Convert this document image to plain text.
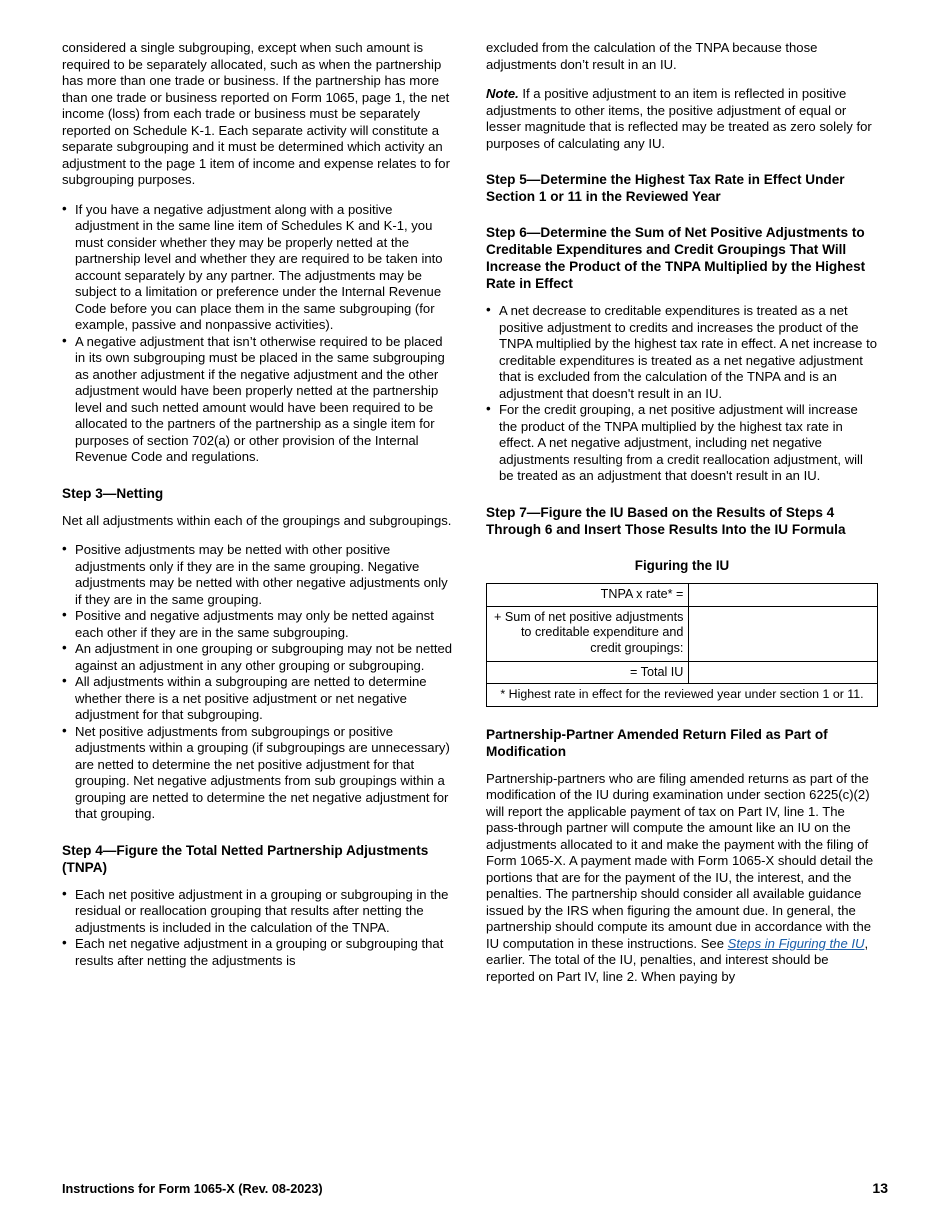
considered a single subgrouping, except when such amount is required to be separately allocated, such as when the partnership has more than one trade or business. If the partnership has more than one trade or business reported on Form 1065, page 1, the net income (loss) from each trade or business must be separately reported on Schedule K-1. Each separate activity will constitute a separate subgrouping and it must be determined which activity an adjustment to the page 1 item of income and expense relates to for subgrouping purposes.

• If you have a negative adjustment along with a positive adjustment in the same line item of Schedules K and K-1, you must consider whether they may be properly netted at the partnership level and whether they are required to be taken into account separately by any partner. The adjustments may be subject to a limitation or preference under the Internal Revenue Code before you can place them in the same subgrouping (for example, passive and nonpassive activities).

• A negative adjustment that isn’t otherwise required to be placed in its own subgrouping must be placed in the same subgrouping as another adjustment if the negative adjustment and the other adjustment would have been properly netted at the partnership level and such netted amount would have been required to be allocated to the partners of the partnership as a single item for purposes of section 702(a) or other provision of the Internal Revenue Code and regulations.

Step 3—Netting

Net all adjustments within each of the groupings and subgroupings.

• Positive adjustments may be netted with other positive adjustments only if they are in the same grouping. Negative adjustments may be netted with other negative adjustments only if they are in the same grouping.

• Positive and negative adjustments may only be netted against each other if they are in the same subgrouping.

• An adjustment in one grouping or subgrouping may not be netted against an adjustment in any other grouping or subgrouping.

• All adjustments within a subgrouping are netted to determine whether there is a net positive adjustment or net negative adjustment for that subgrouping.

• Net positive adjustments from subgroupings or positive adjustments within a grouping (if subgroupings are unnecessary) are netted to determine the net positive adjustment for that grouping. Net negative adjustments from sub groupings within a grouping are netted to determine the net negative adjustment for that grouping.

Step 4—Figure the Total Netted Partnership Adjustments (TNPA)

• Each net positive adjustment in a grouping or subgrouping in the residual or reallocation grouping that results after netting the adjustments is included in the calculation of the TNPA.

• Each net negative adjustment in a grouping or subgrouping that results after netting the adjustments is

excluded from the calculation of the TNPA because those adjustments don’t result in an IU.

Note. If a positive adjustment to an item is reflected in positive adjustments to other items, the positive adjustment of equal or lesser magnitude that is reflected may be treated as zero solely for purposes of calculating any IU.

Step 5—Determine the Highest Tax Rate in Effect Under Section 1 or 11 in the Reviewed Year
Step 6—Determine the Sum of Net Positive Adjustments to Creditable Expenditures and Credit Groupings That Will Increase the Product of the TNPA Multiplied by the Highest Rate in Effect

• A net decrease to creditable expenditures is treated as a net positive adjustment to credits and increases the product of the TNPA multiplied by the highest tax rate in effect. A net increase to creditable expenditures is treated as a net negative adjustment that is excluded from the calculation of the TNPA and is an adjustment that doesn't result in an IU.

• For the credit grouping, a net positive adjustment will increase the product of the TNPA multiplied by the highest tax rate in effect. A net negative adjustment, including net negative adjustments resulting from a credit reallocation adjustment, will be treated as an adjustment that doesn't result in an IU.

Step 7—Figure the IU Based on the Results of Steps 4 Through 6 and Insert Those Results Into the IU Formula
Figuring the IU
TNPA x rate* =	
+ Sum of net positive adjustments to creditable expenditure and credit groupings:	
= Total IU	
* Highest rate in effect for the reviewed year under section 1 or 11.	
Partnership-Partner Amended Return Filed as Part of Modification

Partnership-partners who are filing amended returns as part of the modification of the IU during examination under section 6225(c)(2) will report the applicable payment of tax on Part IV, line 1. The pass-through partner will compute the amount like an IU on the adjustments allocated to it and make the payment with the filing of Form 1065-X. A payment made with Form 1065-X should detail the portions that are for the payment of the IU, the interest, and the penalties. The partnership should consider all available guidance issued by the IRS when figuring the amount due. In general, the partnership should compute its amount due in accordance with the IU computation in these instructions. See Steps in Figuring the IU, earlier. The total of the IU, penalties, and interest should be reported on Part IV, line 2. When paying by

Instructions for Form 1065-X (Rev. 08-2023)	13
